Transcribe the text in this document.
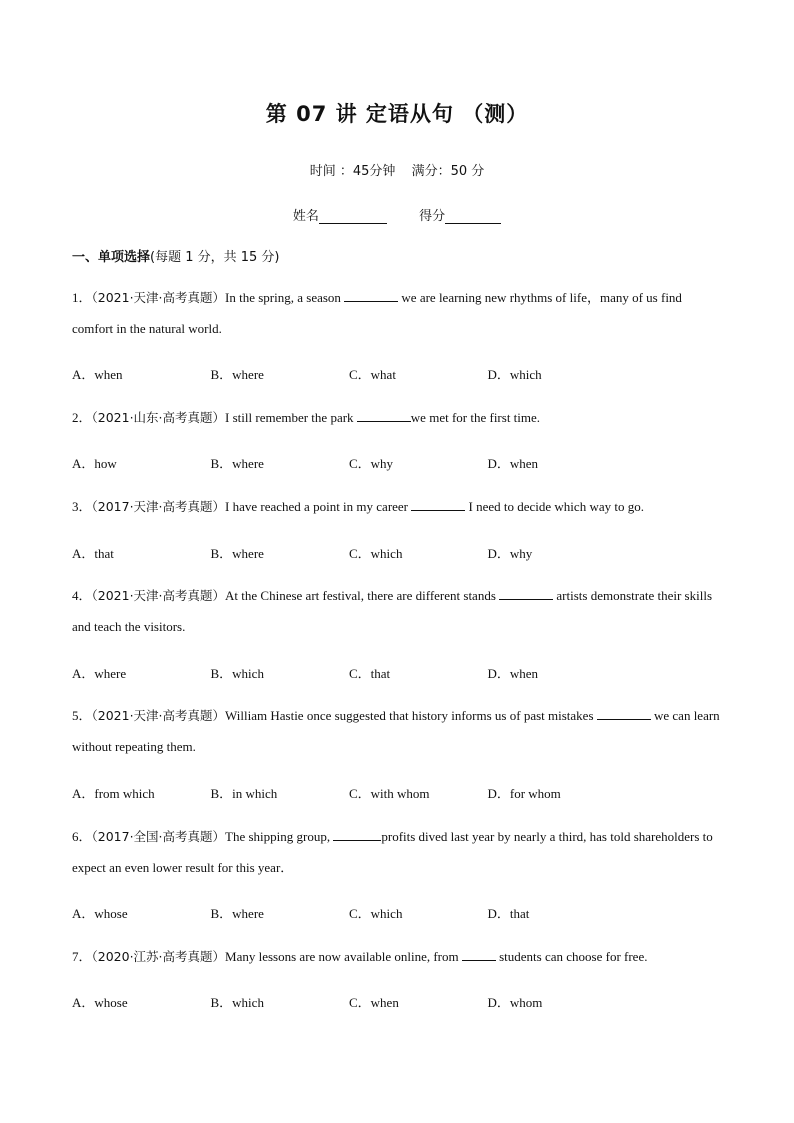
第 07 讲 定语从句 （测）
时间 ：45分钟 满分：50 分
姓名	得分
一、单项选择(每题 1 分，共 15 分)
1．（2021·天津·高考真题）In the spring, a season	we are learning new rhythms of life，many of us find comfort in the natural world.
A．when	B．where	C．what	D．which
2．（2021·山东·高考真题）I still remember the park	we met for the first time.
A．how	B．where	C．why	D．when
3．（2017·天津·高考真题）I have reached a point in my career	I need to decide which way to go.
A．that	B．where	C．which	D．why
4．（2021·天津·高考真题）At the Chinese art festival, there are different stands	artists demonstrate their skills and teach the visitors.
A．where	B．which	C．that	D．when
5．（2021·天津·高考真题）William Hastie once suggested that history informs us of past mistakes	we can learn without repeating them.
A．from which	B．in which	C．with whom	D．for whom
6．（2017·全国·高考真题）The shipping group,	profits dived last year by nearly a third, has told shareholders to expect an even lower result for this year．
A．whose	B．where	C．which	D．that
7．（2020·江苏·高考真题）Many lessons are now available online, from	students can choose for free.
A．whose	B．which	C．when	D．whom
